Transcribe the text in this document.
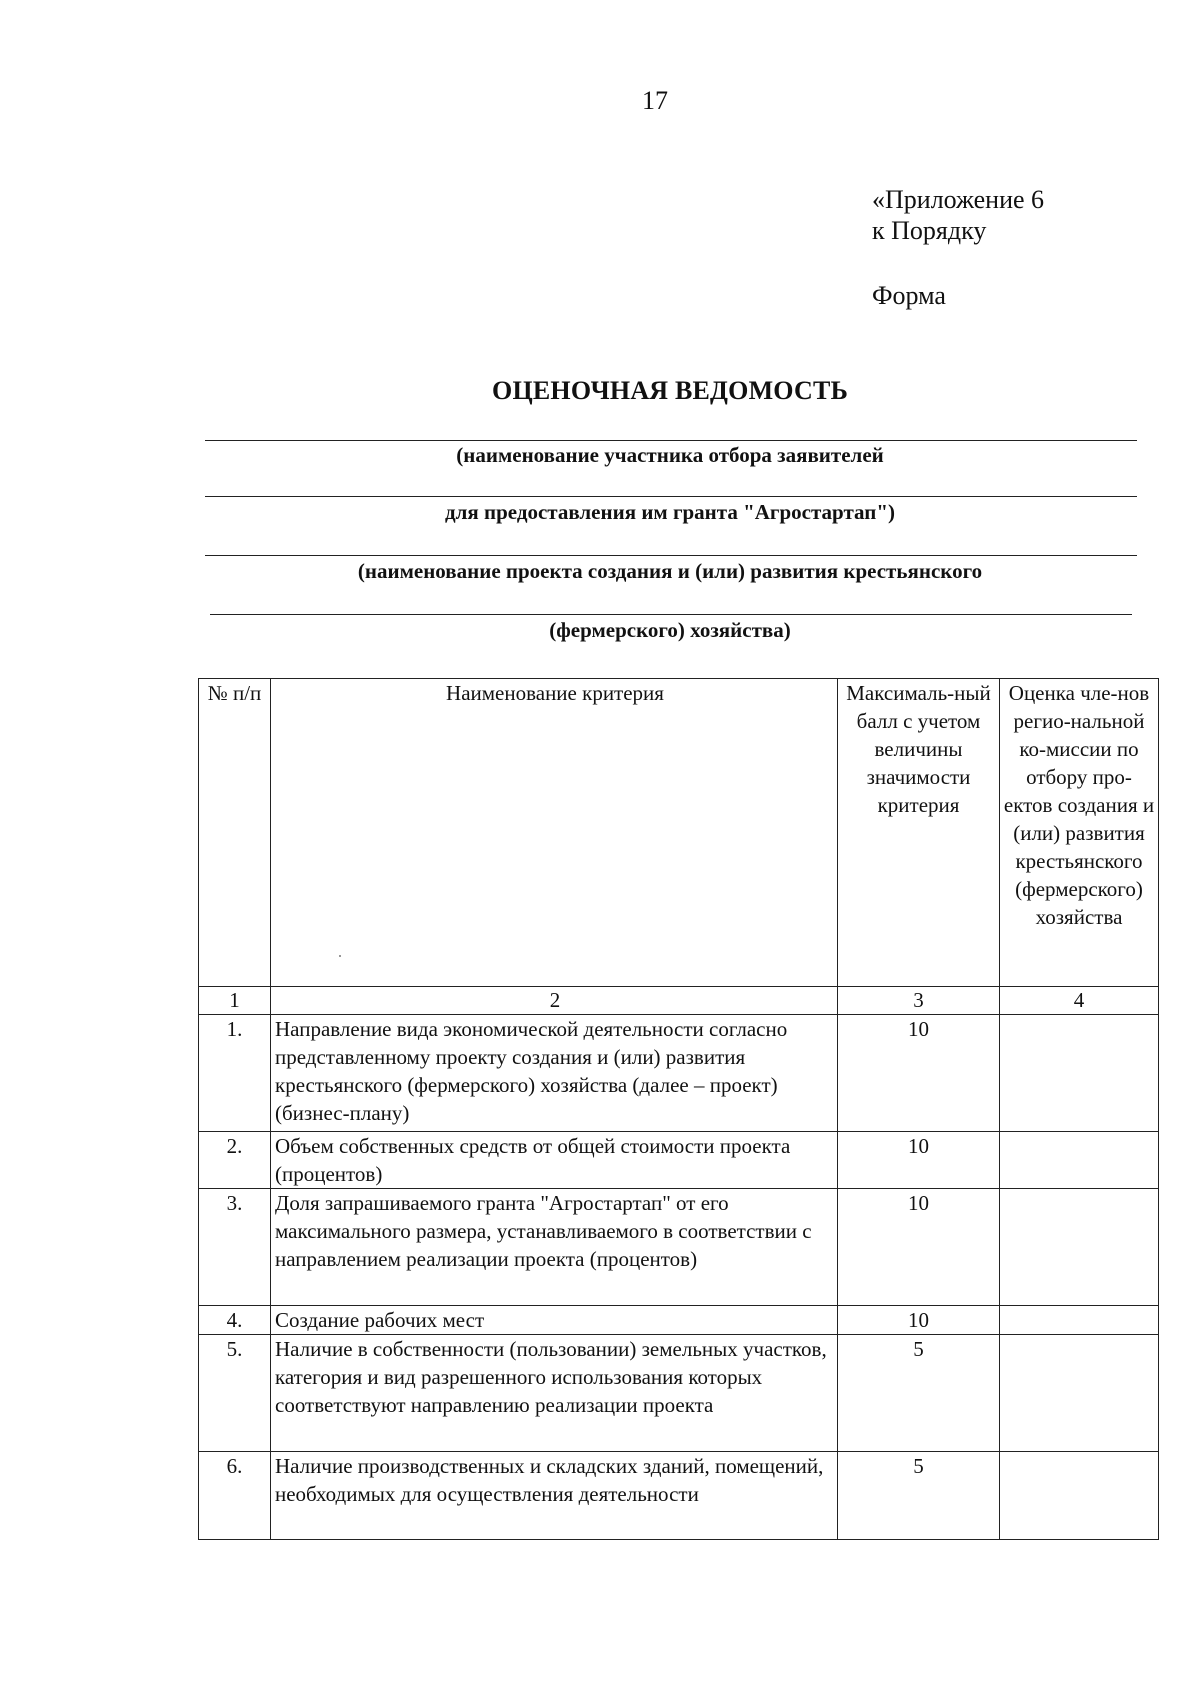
17
«Приложение 6
к Порядку
Форма
ОЦЕНОЧНАЯ ВЕДОМОСТЬ
(наименование участника отбора заявителей
для предоставления им гранта "Агростартап")
(наименование проекта создания и (или) развития крестьянского
(фермерского) хозяйства)
№ п/п	Наименование критерия	Максималь-ный балл с учетом величины значимости критерия	Оценка чле-нов регио-нальной ко-миссии по отбору про-ектов создания и (или) развития крестьянского (фермерского) хозяйства
1	2	3	4
1.	Направление вида экономической деятельности согласно представленному проекту создания и (или) развития крестьянского (фермерского) хозяйства (далее – проект) (бизнес-плану)	10	
2.	Объем собственных средств от общей стоимости проекта (процентов)	10	
3.	Доля запрашиваемого гранта "Агростартап" от его максимального размера, устанавливаемого в соответствии с направлением реализации проекта (процентов)	10	
4.	Создание рабочих мест	10	
5.	Наличие в собственности (пользовании) земельных участков, категория и вид разрешенного использования которых соответствуют направлению реализации проекта	5	
6.	Наличие производственных и складских зданий, помещений, необходимых для осуществления деятельности	5	
